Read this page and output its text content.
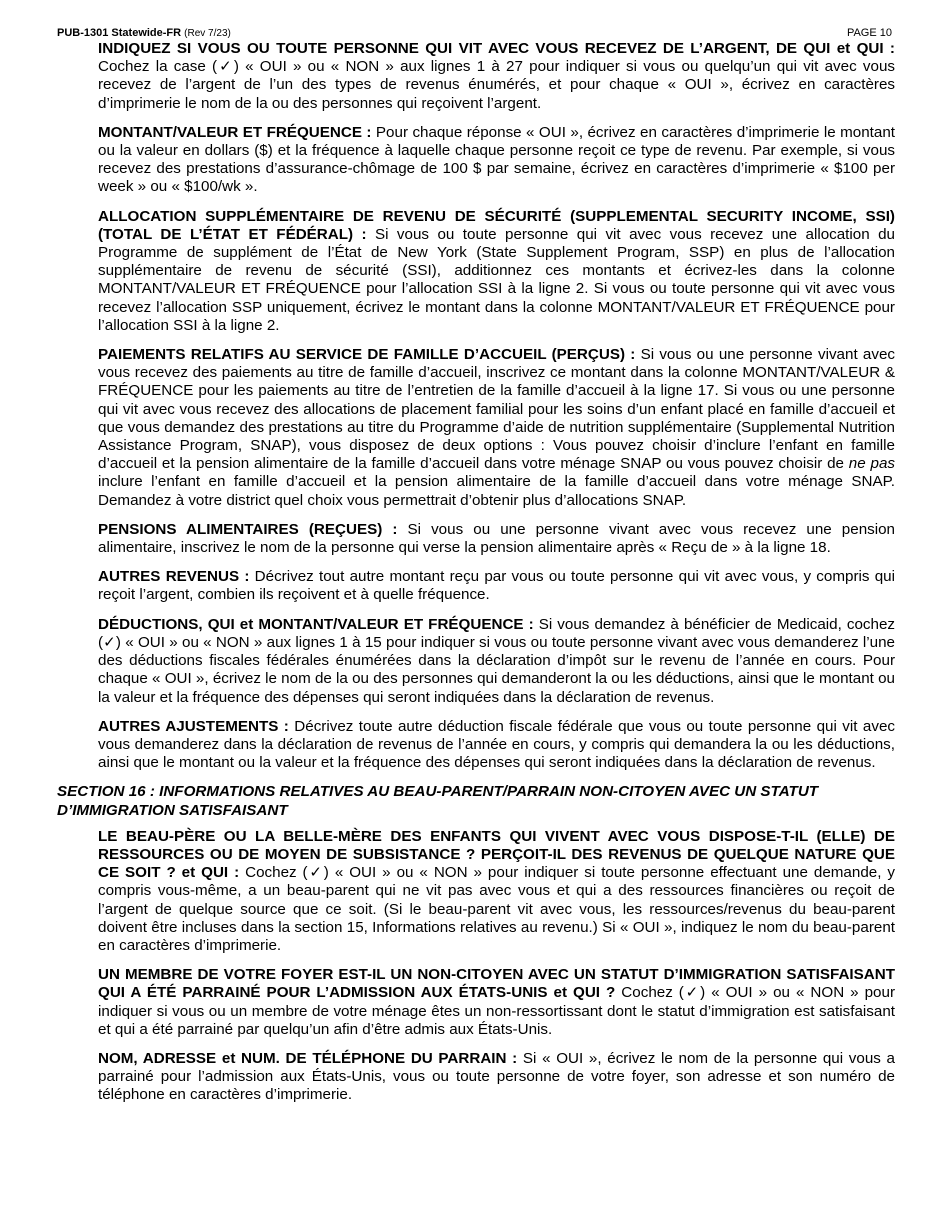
PUB-1301 Statewide-FR (Rev 7/23)	PAGE 10

INDIQUEZ SI VOUS OU TOUTE PERSONNE QUI VIT AVEC VOUS RECEVEZ DE L’ARGENT, DE QUI et QUI : Cochez la case (✓) « OUI » ou « NON » aux lignes 1 à 27 pour indiquer si vous ou quelqu’un qui vit avec vous recevez de l’argent de l’un des types de revenus énumérés, et pour chaque « OUI », écrivez en caractères d’imprimerie le nom de la ou des personnes qui reçoivent l’argent.

MONTANT/VALEUR ET FRÉQUENCE : Pour chaque réponse « OUI », écrivez en caractères d’imprimerie le montant ou la valeur en dollars ($) et la fréquence à laquelle chaque personne reçoit ce type de revenu. Par exemple, si vous recevez des prestations d’assurance-chômage de 100 $ par semaine, écrivez en caractères d’imprimerie « $100 per week » ou « $100/wk ».

ALLOCATION SUPPLÉMENTAIRE DE REVENU DE SÉCURITÉ (SUPPLEMENTAL SECURITY INCOME, SSI) (TOTAL DE L’ÉTAT ET FÉDÉRAL) : Si vous ou toute personne qui vit avec vous recevez une allocation du Programme de supplément de l’État de New York (State Supplement Program, SSP) en plus de l’allocation supplémentaire de revenu de sécurité (SSI), additionnez ces montants et écrivez-les dans la colonne MONTANT/VALEUR ET FRÉQUENCE pour l’allocation SSI à la ligne 2. Si vous ou toute personne qui vit avec vous recevez l’allocation SSP uniquement, écrivez le montant dans la colonne MONTANT/VALEUR ET FRÉQUENCE pour l’allocation SSI à la ligne 2.

PAIEMENTS RELATIFS AU SERVICE DE FAMILLE D’ACCUEIL (PERÇUS) : Si vous ou une personne vivant avec vous recevez des paiements au titre de famille d’accueil, inscrivez ce montant dans la colonne MONTANT/VALEUR & FRÉQUENCE pour les paiements au titre de l’entretien de la famille d’accueil à la ligne 17. Si vous ou une personne qui vit avec vous recevez des allocations de placement familial pour les soins d’un enfant placé en famille d’accueil et que vous demandez des prestations au titre du Programme d’aide de nutrition supplémentaire (Supplemental Nutrition Assistance Program, SNAP), vous disposez de deux options : Vous pouvez choisir d’inclure l’enfant en famille d’accueil et la pension alimentaire de la famille d’accueil dans votre ménage SNAP ou vous pouvez choisir de ne pas inclure l’enfant en famille d’accueil et la pension alimentaire de la famille d’accueil dans votre ménage SNAP. Demandez à votre district quel choix vous permettrait d’obtenir plus d’allocations SNAP.

PENSIONS ALIMENTAIRES (REÇUES) : Si vous ou une personne vivant avec vous recevez une pension alimentaire, inscrivez le nom de la personne qui verse la pension alimentaire après « Reçu de » à la ligne 18.

AUTRES REVENUS : Décrivez tout autre montant reçu par vous ou toute personne qui vit avec vous, y compris qui reçoit l’argent, combien ils reçoivent et à quelle fréquence.

DÉDUCTIONS, QUI et MONTANT/VALEUR ET FRÉQUENCE : Si vous demandez à bénéficier de Medicaid, cochez (✓) « OUI » ou « NON » aux lignes 1 à 15 pour indiquer si vous ou toute personne vivant avec vous demanderez l’une des déductions fiscales fédérales énumérées dans la déclaration d’impôt sur le revenu de l’année en cours. Pour chaque « OUI », écrivez le nom de la ou des personnes qui demanderont la ou les déductions, ainsi que le montant ou la valeur et la fréquence des dépenses qui seront indiquées dans la déclaration de revenus.

AUTRES AJUSTEMENTS : Décrivez toute autre déduction fiscale fédérale que vous ou toute personne qui vit avec vous demanderez dans la déclaration de revenus de l’année en cours, y compris qui demandera la ou les déductions, ainsi que le montant ou la valeur et la fréquence des dépenses qui seront indiquées dans la déclaration de revenus.

SECTION 16 : INFORMATIONS RELATIVES AU BEAU-PARENT/PARRAIN NON-CITOYEN AVEC UN STATUT D’IMMIGRATION SATISFAISANT

LE BEAU-PÈRE OU LA BELLE-MÈRE DES ENFANTS QUI VIVENT AVEC VOUS DISPOSE-T-IL (ELLE) DE RESSOURCES OU DE MOYEN DE SUBSISTANCE ? PERÇOIT-IL DES REVENUS DE QUELQUE NATURE QUE CE SOIT ? et QUI : Cochez (✓) « OUI » ou « NON » pour indiquer si toute personne effectuant une demande, y compris vous-même, a un beau-parent qui ne vit pas avec vous et qui a des ressources financières ou reçoit de l’argent de quelque source que ce soit. (Si le beau-parent vit avec vous, les ressources/revenus du beau-parent doivent être incluses dans la section 15, Informations relatives au revenu.) Si « OUI », indiquez le nom du beau-parent en caractères d’imprimerie.

UN MEMBRE DE VOTRE FOYER EST-IL UN NON-CITOYEN AVEC UN STATUT D’IMMIGRATION SATISFAISANT QUI A ÉTÉ PARRAINÉ POUR L’ADMISSION AUX ÉTATS-UNIS et QUI ? Cochez (✓) « OUI » ou « NON » pour indiquer si vous ou un membre de votre ménage êtes un non-ressortissant dont le statut d’immigration est satisfaisant et qui a été parrainé par quelqu’un afin d’être admis aux États-Unis.

NOM, ADRESSE et NUM. DE TÉLÉPHONE DU PARRAIN : Si « OUI », écrivez le nom de la personne qui vous a parrainé pour l’admission aux États-Unis, vous ou toute personne de votre foyer, son adresse et son numéro de téléphone en caractères d’imprimerie.
